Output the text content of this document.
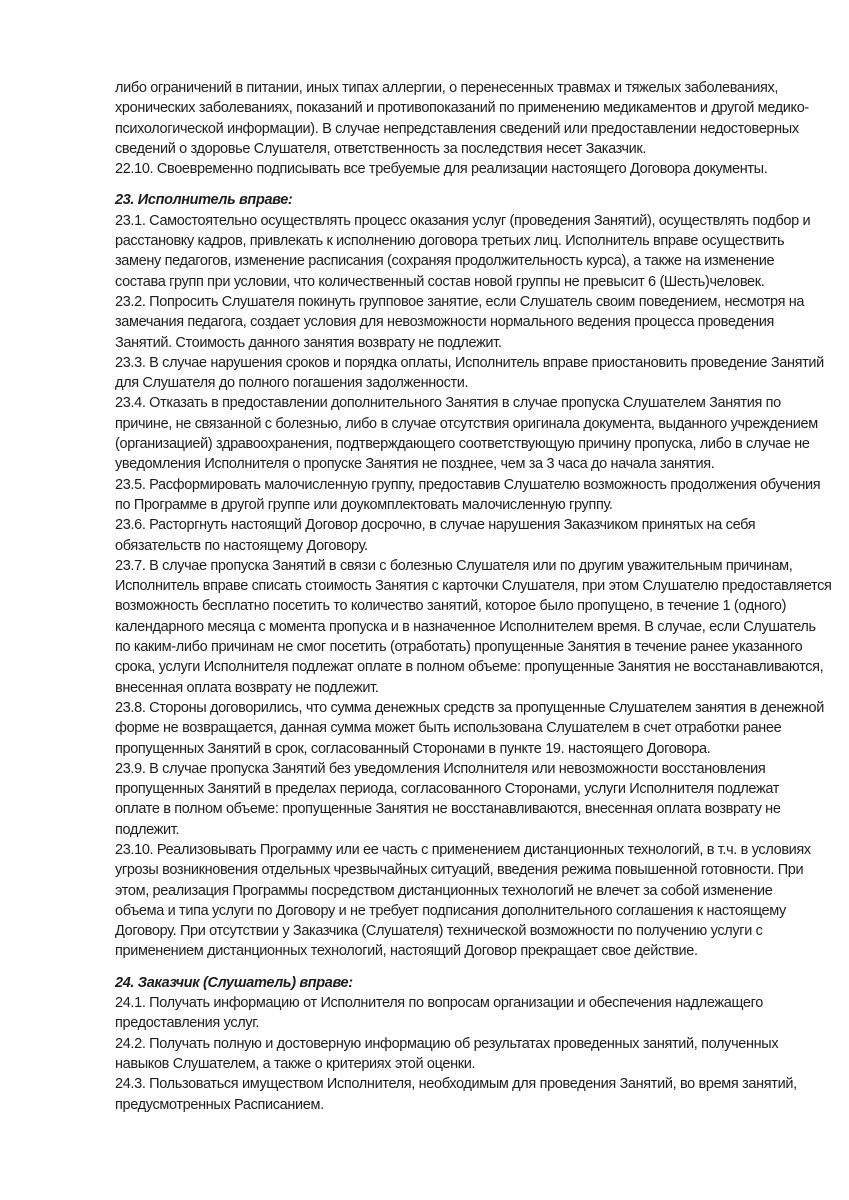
либо ограничений в питании, иных типах аллергии, о перенесенных травмах и тяжелых заболеваниях,
хронических заболеваниях, показаний и противопоказаний по применению медикаментов и другой медико-
психологической информации). В случае непредставления сведений или предоставлении недостоверных
сведений о здоровье Слушателя, ответственность за последствия несет Заказчик.
22.10. Своевременно подписывать все требуемые для реализации настоящего Договора документы.
23. Исполнитель вправе:
23.1. Самостоятельно осуществлять процесс оказания услуг (проведения Занятий), осуществлять подбор и
расстановку кадров, привлекать к исполнению договора третьих лиц. Исполнитель вправе осуществить
замену педагогов, изменение расписания (сохраняя продолжительность курса), а также на изменение
состава групп при условии, что количественный состав новой группы не превысит 6 (Шесть)человек.
23.2. Попросить Слушателя покинуть групповое занятие, если Слушатель своим поведением, несмотря на
замечания педагога, создает условия для невозможности нормального ведения процесса проведения
Занятий. Стоимость данного занятия возврату не подлежит.
23.3. В случае нарушения сроков и порядка оплаты, Исполнитель вправе приостановить проведение Занятий
для Слушателя до полного погашения задолженности.
23.4. Отказать в предоставлении дополнительного Занятия в случае пропуска Слушателем Занятия по
причине, не связанной с болезнью, либо в случае отсутствия оригинала документа, выданного учреждением
(организацией) здравоохранения, подтверждающего соответствующую причину пропуска, либо в случае не
уведомления Исполнителя о пропуске Занятия не позднее, чем за 3 часа до начала занятия.
23.5. Расформировать малочисленную группу, предоставив Слушателю возможность продолжения обучения
по Программе в другой группе или доукомплектовать малочисленную группу.
23.6. Расторгнуть настоящий Договор досрочно, в случае нарушения Заказчиком принятых на себя
обязательств по настоящему Договору.
23.7. В случае пропуска Занятий в связи с болезнью Слушателя или по другим уважительным причинам,
Исполнитель вправе списать стоимость Занятия с карточки Слушателя, при этом Слушателю предоставляется
возможность бесплатно посетить то количество занятий, которое было пропущено, в течение 1 (одного)
календарного месяца с момента пропуска и в назначенное Исполнителем время. В случае, если Слушатель
по каким-либо причинам не смог посетить (отработать) пропущенные Занятия в течение ранее указанного
срока, услуги Исполнителя подлежат оплате в полном объеме: пропущенные Занятия не восстанавливаются,
внесенная оплата возврату не подлежит.
23.8. Стороны договорились, что сумма денежных средств за пропущенные Слушателем занятия в денежной
форме не возвращается, данная сумма может быть использована Слушателем в счет отработки ранее
пропущенных Занятий в срок, согласованный Сторонами в пункте 19. настоящего Договора.
23.9. В случае пропуска Занятий без уведомления Исполнителя или невозможности восстановления
пропущенных Занятий в пределах периода, согласованного Сторонами, услуги Исполнителя подлежат
оплате в полном объеме: пропущенные Занятия не восстанавливаются, внесенная оплата возврату не
подлежит.
23.10. Реализовывать Программу или ее часть с применением дистанционных технологий, в т.ч. в условиях
угрозы возникновения отдельных чрезвычайных ситуаций, введения режима повышенной готовности. При
этом, реализация Программы посредством дистанционных технологий не влечет за собой изменение
объема и типа услуги по Договору и не требует подписания дополнительного соглашения к настоящему
Договору. При отсутствии у Заказчика (Слушателя) технической возможности по получению услуги с
применением дистанционных технологий, настоящий Договор прекращает свое действие.
24. Заказчик (Слушатель) вправе:
24.1. Получать информацию от Исполнителя по вопросам организации и обеспечения надлежащего
предоставления услуг.
24.2. Получать полную и достоверную информацию об результатах проведенных занятий, полученных
навыков Слушателем, а также о критериях этой оценки.
24.3. Пользоваться имуществом Исполнителя, необходимым для проведения Занятий, во время занятий,
предусмотренных Расписанием.
